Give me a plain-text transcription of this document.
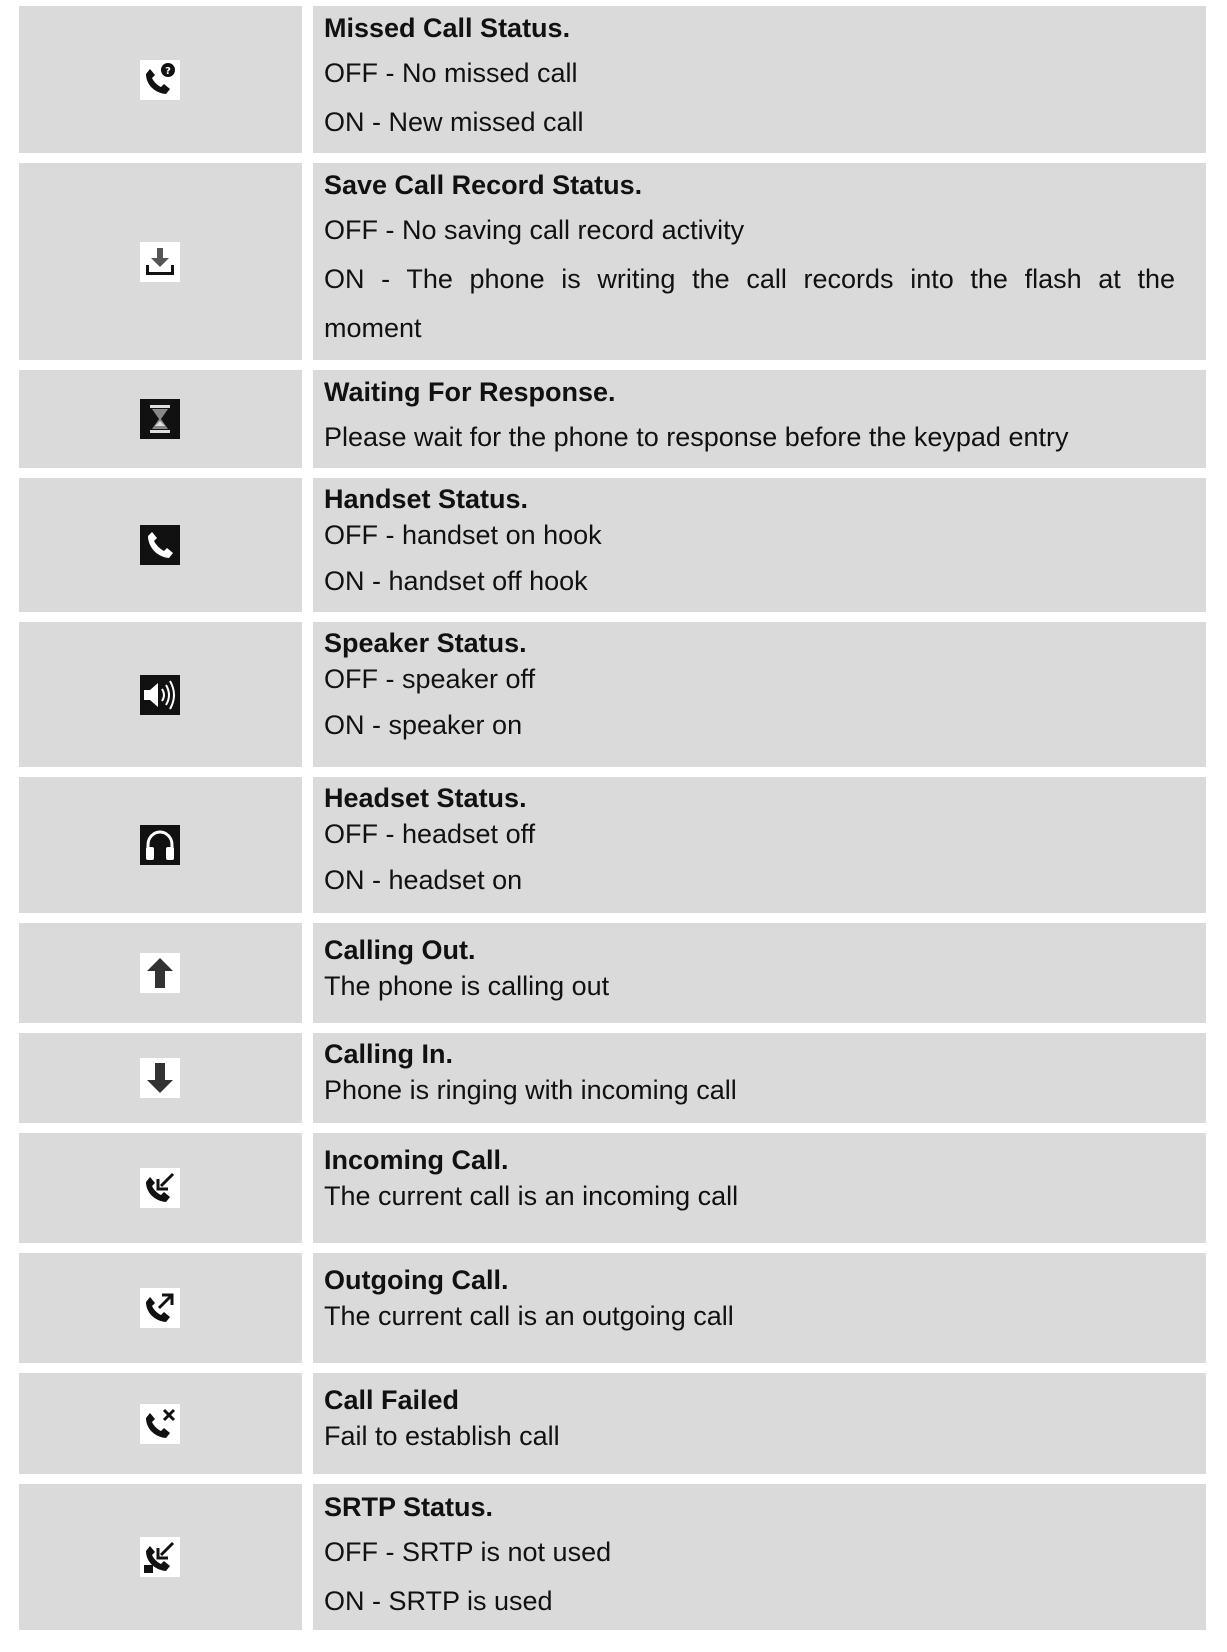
?
Missed Call Status.
OFF - No missed call
ON - New missed call
Save Call Record Status.
OFF - No saving call record activity
ON - The phone is writing the call records into the flash at the
moment
Waiting For Response.
Please wait for the phone to response before the keypad entry
Handset Status.
OFF - handset on hook
ON - handset off hook
Speaker Status.
OFF - speaker off
ON - speaker on
Headset Status.
OFF - headset off
ON - headset on
Calling Out.
The phone is calling out
Calling In.
Phone is ringing with incoming call
Incoming Call.
The current call is an incoming call
Outgoing Call.
The current call is an outgoing call
Call Failed
Fail to establish call
SRTP Status.
OFF - SRTP is not used
ON - SRTP is used
